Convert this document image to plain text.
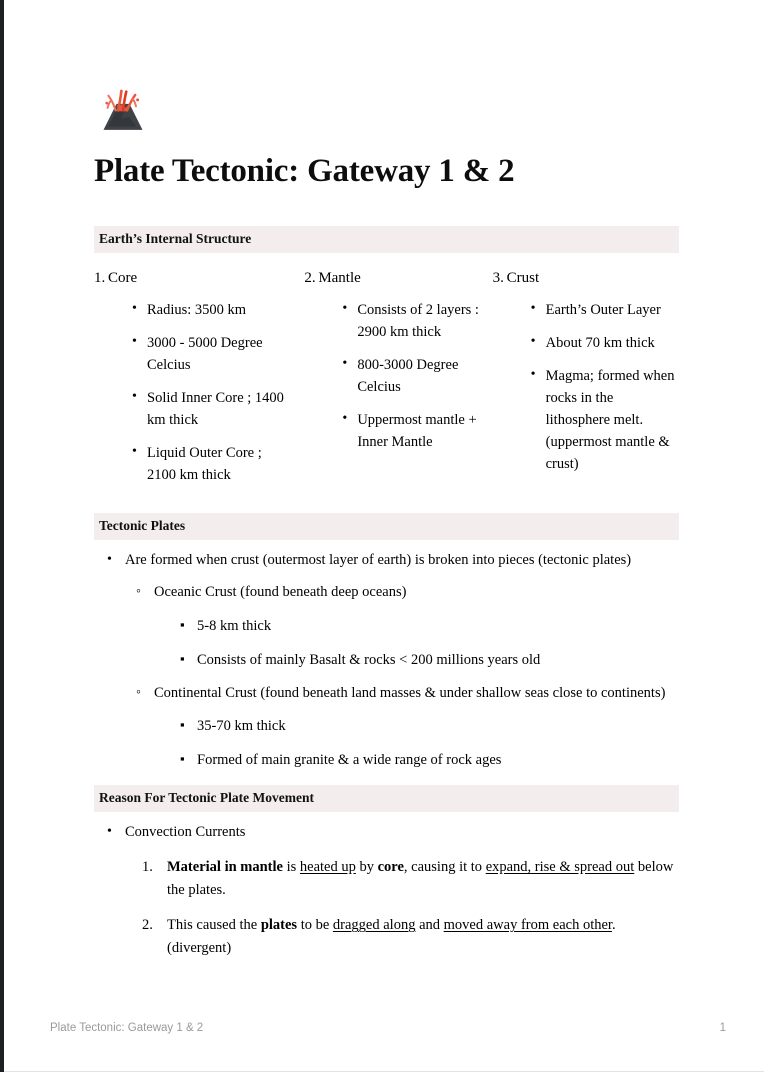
Plate Tectonic: Gateway 1 & 2
Earth’s Internal Structure
1. Core
• Radius: 3500 km
• 3000 - 5000 Degree Celcius
• Solid Inner Core ; 1400 km thick
• Liquid Outer Core ; 2100 km thick
2. Mantle
• Consists of 2 layers : 2900 km thick
• 800-3000 Degree Celcius
• Uppermost mantle + Inner Mantle
3. Crust
• Earth’s Outer Layer
• About 70 km thick
• Magma; formed when rocks in the lithosphere melt. (uppermost mantle & crust)
Tectonic Plates
• Are formed when crust (outermost layer of earth) is broken into pieces (tectonic plates)
◦ Oceanic Crust (found beneath deep oceans)
▪ 5-8 km thick
▪ Consists of mainly Basalt & rocks < 200 millions years old
◦ Continental Crust (found beneath land masses & under shallow seas close to continents)
▪ 35-70 km thick
▪ Formed of main granite & a wide range of rock ages
Reason For Tectonic Plate Movement
• Convection Currents
1. Material in mantle is heated up by core, causing it to expand, rise & spread out below the plates.
2. This caused the plates to be dragged along and moved away from each other. (divergent)
Plate Tectonic: Gateway 1 & 2	1
